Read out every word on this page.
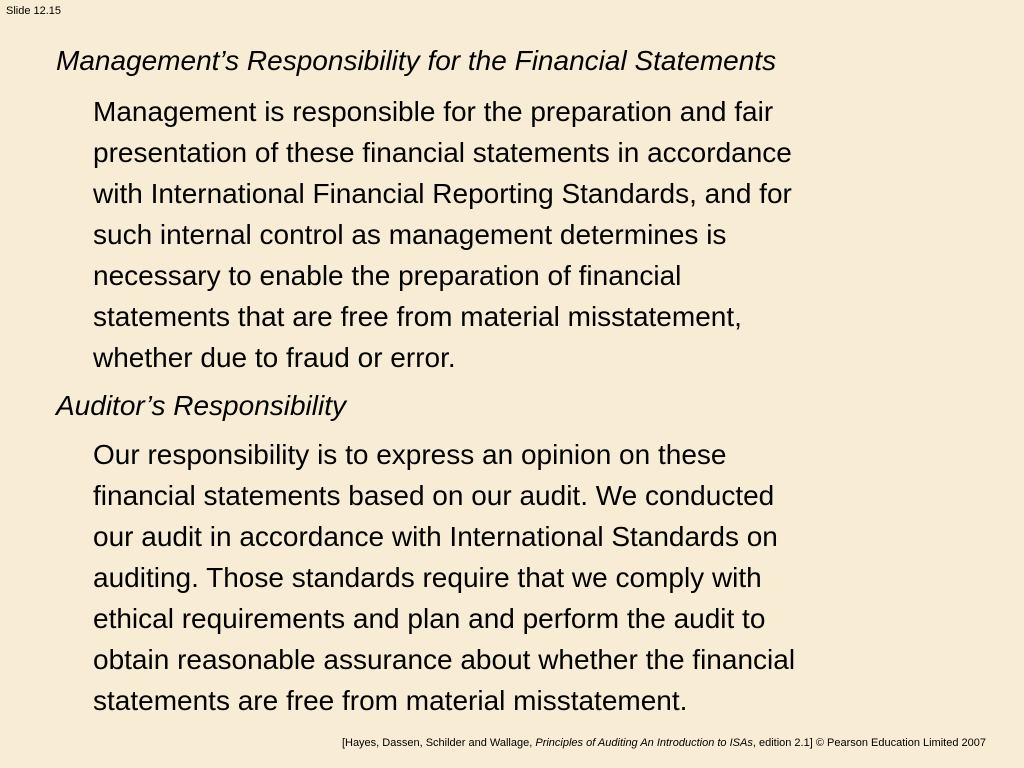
Slide 12.15
Management’s Responsibility for the Financial Statements
Management is responsible for the preparation and fair
presentation of these financial statements in accordance
with International Financial Reporting Standards, and for
such internal control as management determines is
necessary to enable the preparation of financial
statements that are free from material misstatement,
whether due to fraud or error.
Auditor’s Responsibility
Our responsibility is to express an opinion on these
financial statements based on our audit. We conducted
our audit in accordance with International Standards on
auditing. Those standards require that we comply with
ethical requirements and plan and perform the audit to
obtain reasonable assurance about whether the financial
statements are free from material misstatement.
[Hayes, Dassen, Schilder and Wallage, Principles of Auditing An Introduction to ISAs, edition 2.1] © Pearson Education Limited 2007
